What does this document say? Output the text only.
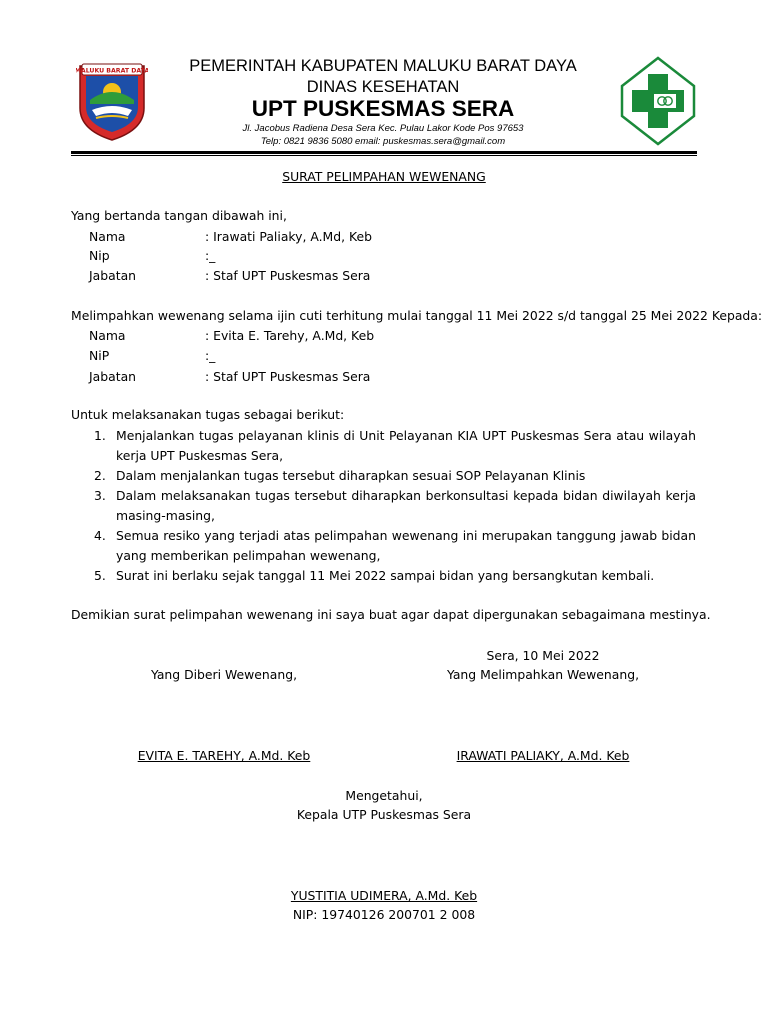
MALUKU BARAT DAYA	PEMERINTAH KABUPATEN MALUKU BARAT DAYA
DINAS KESEHATAN
UPT PUSKESMAS SERA
Jl. Jacobus Radiena Desa Sera Kec. Pulau Lakor Kode Pos 97653
Telp: 0821 9836 5080 email: puskesmas.sera@gmail.com
SURAT PELIMPAHAN WEWENANG
Yang bertanda tangan dibawah ini,
Nama	: Irawati Paliaky, A.Md, Keb
Nip	:_
Jabatan	: Staf UPT Puskesmas Sera
Melimpahkan wewenang selama ijin cuti terhitung mulai tanggal 11 Mei 2022 s/d tanggal 25 Mei 2022 Kepada:
Nama	: Evita E. Tarehy, A.Md, Keb
NiP	:_
Jabatan	: Staf UPT Puskesmas Sera
Untuk melaksanakan tugas sebagai berikut:
1. Menjalankan tugas pelayanan klinis di Unit Pelayanan KIA UPT Puskesmas Sera atau wilayah kerja UPT Puskesmas Sera,
2. Dalam menjalankan tugas tersebut diharapkan sesuai SOP Pelayanan Klinis
3. Dalam melaksanakan tugas tersebut diharapkan berkonsultasi kepada bidan diwilayah kerja masing-masing,
4. Semua resiko yang terjadi atas pelimpahan wewenang ini merupakan tanggung jawab bidan yang memberikan pelimpahan wewenang,
5. Surat ini berlaku sejak tanggal 11 Mei 2022 sampai bidan yang bersangkutan kembali.
Demikian surat pelimpahan wewenang ini saya buat agar dapat dipergunakan sebagaimana mestinya.
Sera, 10 Mei 2022
Yang Diberi Wewenang,	Yang Melimpahkan Wewenang,
EVITA E. TAREHY, A.Md. Keb	IRAWATI PALIAKY, A.Md. Keb
Mengetahui,
Kepala UTP Puskesmas Sera
YUSTITIA UDIMERA, A.Md. Keb
NIP: 19740126 200701 2 008
